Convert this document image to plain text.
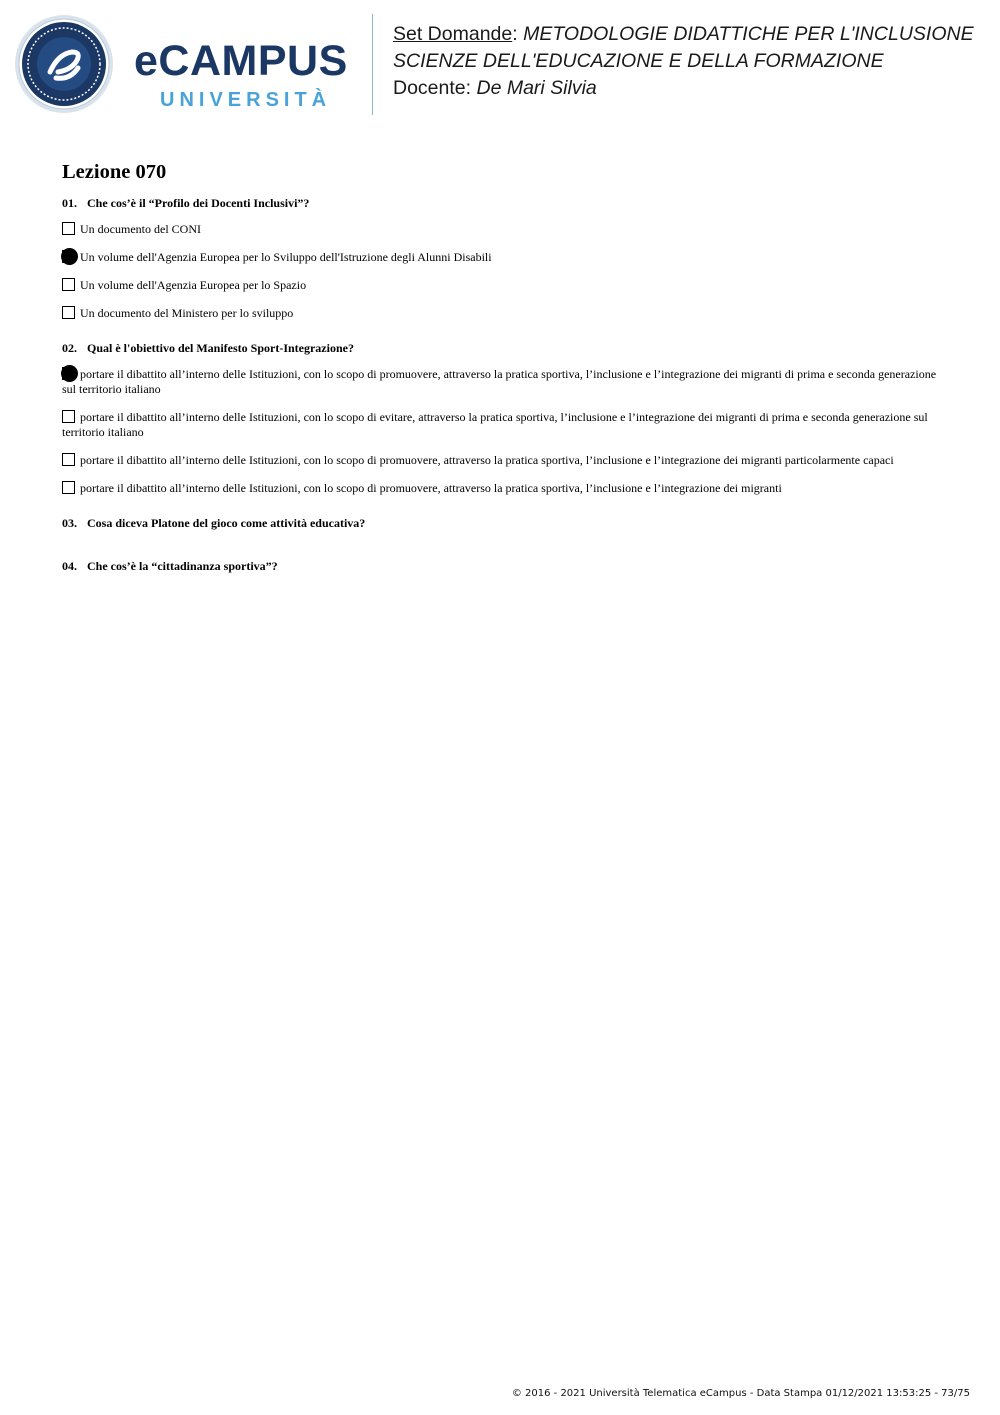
eCAMPUS
UNIVERSITÀ
Set Domande: METODOLOGIE DIDATTICHE PER L'INCLUSIONE
SCIENZE DELL'EDUCAZIONE E DELLA FORMAZIONE
Docente: De Mari Silvia
Lezione 070
01. Che cos’è il “Profilo dei Docenti Inclusivi”?
Un documento del CONI
Un volume dell'Agenzia Europea per lo Sviluppo dell'Istruzione degli Alunni Disabili
Un volume dell'Agenzia Europea per lo Spazio
Un documento del Ministero per lo sviluppo
02. Qual è l'obiettivo del Manifesto Sport-Integrazione?
portare il dibattito all’interno delle Istituzioni, con lo scopo di promuovere, attraverso la pratica sportiva, l’inclusione e l’integrazione dei migranti di prima e seconda generazione sul territorio italiano
portare il dibattito all’interno delle Istituzioni, con lo scopo di evitare, attraverso la pratica sportiva, l’inclusione e l’integrazione dei migranti di prima e seconda generazione sul territorio italiano
portare il dibattito all’interno delle Istituzioni, con lo scopo di promuovere, attraverso la pratica sportiva, l’inclusione e l’integrazione dei migranti particolarmente capaci
portare il dibattito all’interno delle Istituzioni, con lo scopo di promuovere, attraverso la pratica sportiva, l’inclusione e l’integrazione dei migranti
03. Cosa diceva Platone del gioco come attività educativa?
04. Che cos’è la “cittadinanza sportiva”?
© 2016 - 2021 Università Telematica eCampus - Data Stampa 01/12/2021 13:53:25 - 73/75
